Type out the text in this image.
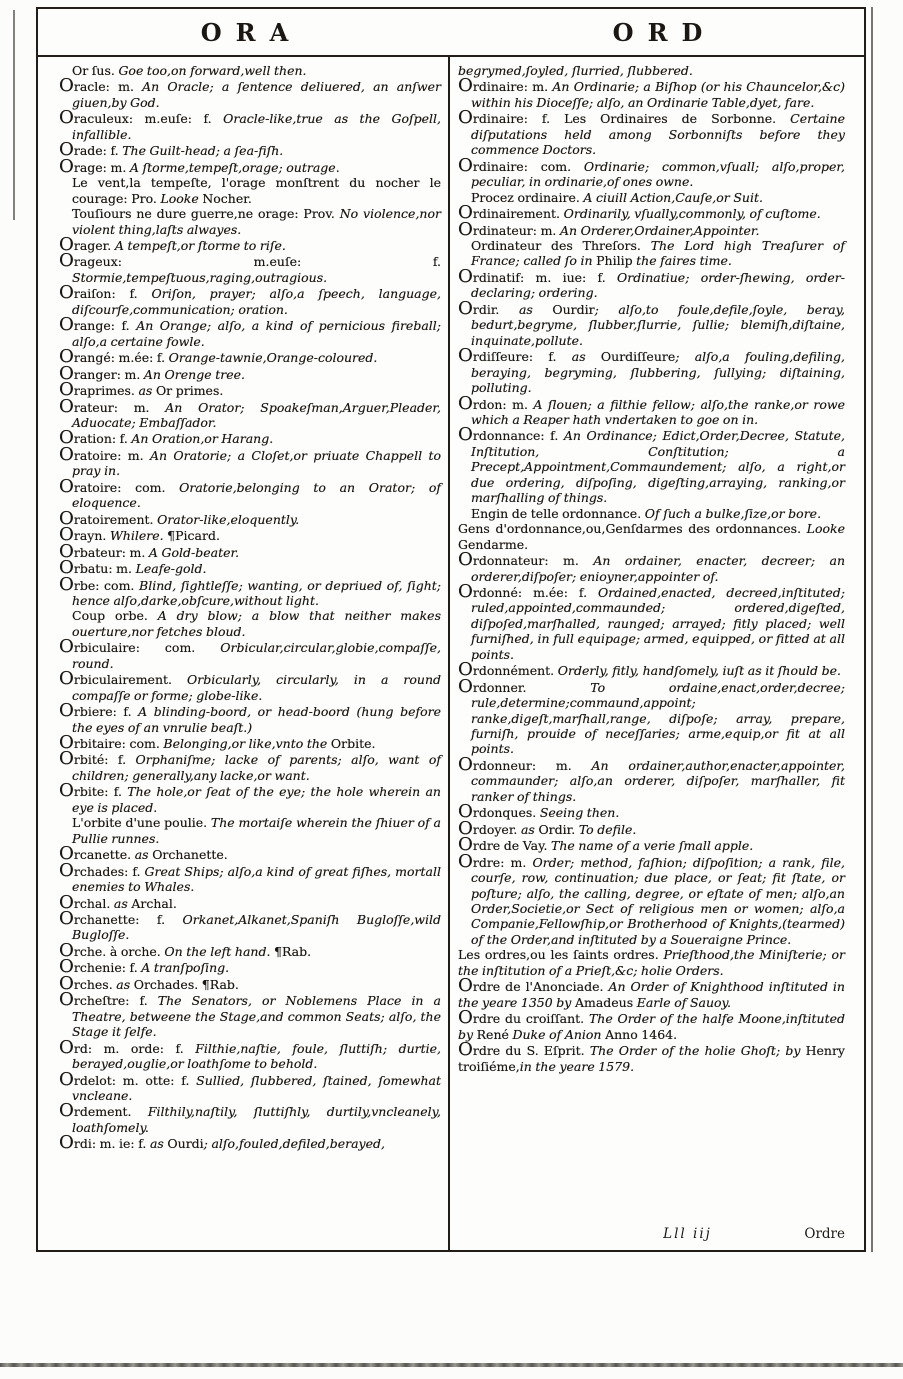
ORA	ORD

Or ſus. Goe too,on forward,well then.

Oracle: m. An Oracle; a ſentence deliuered, an anſwer giuen,by God.

Oraculeux: m.euſe: f. Oracle-like,true as the Goſpell, infallible.

Orade: f. The Guilt-head; a ſea-fiſh.

Orage: m. A ſtorme,tempeſt,orage; outrage.

Le vent,la tempeſte, l'orage monſtrent du nocher le courage: Pro. Looke Nocher.

Touſiours ne dure guerre,ne orage: Prov. No violence,nor violent thing,laſts alwayes.

Orager. A tempeſt,or ſtorme to riſe.

Orageux: m.euſe: f. Stormie,tempeſtuous,raging,outragious.

Oraiſon: f. Oriſon, prayer; alſo,a ſpeech, language, diſcourſe,communication; oration.

Orange: f. An Orange; alſo, a kind of pernicious fireball; alſo,a certaine fowle.

Orangé: m.ée: f. Orange-tawnie,Orange-coloured.

Oranger: m. An Orenge tree.

Oraprimes. as Or primes.

Orateur: m. An Orator; Spoakeſman,Arguer,Pleader, Aduocate; Embaſſador.

Oration: f. An Oration,or Harang.

Oratoire: m. An Oratorie; a Cloſet,or priuate Chappell to pray in.

Oratoire: com. Oratorie,belonging to an Orator; of eloquence.

Oratoirement. Orator-like,eloquently.

Orayn. Whilere. ¶Picard.

Orbateur: m. A Gold-beater.

Orbatu: m. Leafe-gold.

Orbe: com. Blind, ſightleſſe; wanting, or depriued of, ſight; hence alſo,darke,obſcure,without light.

Coup orbe. A dry blow; a blow that neither makes ouerture,nor fetches bloud.

Orbiculaire: com. Orbicular,circular,globie,compaſſe, round.

Orbiculairement. Orbicularly, circularly, in a round compaſſe or forme; globe-like.

Orbiere: f. A blinding-boord, or head-boord (hung before the eyes of an vnrulie beaſt.)

Orbitaire: com. Belonging,or like,vnto the Orbite.

Orbité: f. Orphaniſme; lacke of parents; alſo, want of children; generally,any lacke,or want.

Orbite: f. The hole,or ſeat of the eye; the hole wherein an eye is placed.

L'orbite d'une poulie. The mortaiſe wherein the ſhiuer of a Pullie runnes.

Orcanette. as Orchanette.

Orchades: f. Great Ships; alſo,a kind of great fiſhes, mortall enemies to Whales.

Orchal. as Archal.

Orchanette: f. Orkanet,Alkanet,Spaniſh Bugloſſe,wild Bugloſſe.

Orche. à orche. On the left hand. ¶Rab.

Orchenie: f. A tranſpoſing.

Orches. as Orchades. ¶Rab.

Orcheſtre: f. The Senators, or Noblemens Place in a Theatre, betweene the Stage,and common Seats; alſo, the Stage it ſelfe.

Ord: m. orde: f. Filthie,naſtie, foule, ſluttiſh; durtie, berayed,ouglie,or loathſome to behold.

Ordelot: m. otte: f. Sullied, ſlubbered, ſtained, ſomewhat vncleane.

Ordement. Filthily,naſtily, ſluttiſhly, durtily,vncleanely, loathſomely.

Ordi: m. ie: f. as Ourdi; alſo,fouled,defiled,berayed,

begrymed,ſoyled, ſlurried, ſlubbered.

Ordinaire: m. An Ordinarie; a Biſhop (or his Chauncelor,&c) within his Dioceſſe; alſo, an Ordinarie Table,dyet, fare.

Ordinaire: f. Les Ordinaires de Sorbonne. Certaine diſputations held among Sorbonniſts before they commence Doctors.

Ordinaire: com. Ordinarie; common,vſuall; alſo,proper, peculiar, in ordinarie,of ones owne.

Procez ordinaire. A ciuill Action,Cauſe,or Suit.

Ordinairement. Ordinarily, vſually,commonly, of cuſtome.

Ordinateur: m. An Orderer,Ordainer,Appointer.

Ordinateur des Threſors. The Lord high Treaſurer of France; called ſo in Philip the faires time.

Ordinatif: m. iue: f. Ordinatiue; order-ſhewing, order-declaring; ordering.

Ordir. as Ourdir; alſo,to foule,defile,ſoyle, beray, bedurt,begryme, ſlubber,ſlurrie, ſullie; blemiſh,diſtaine, inquinate,pollute.

Ordiſſeure: f. as Ourdiſſeure; alſo,a fouling,defiling, beraying, begryming, ſlubbering, ſullying; diſtaining, polluting.

Ordon: m. A ſlouen; a filthie fellow; alſo,the ranke,or rowe which a Reaper hath vndertaken to goe on in.

Ordonnance: f. An Ordinance; Edict,Order,Decree, Statute, Inſtitution, Conſtitution; a Precept,Appointment,Commaundement; alſo, a right,or due ordering, diſpoſing, digeſting,arraying, ranking,or marſhalling of things.

Engin de telle ordonnance. Of ſuch a bulke,ſize,or bore.

Gens d'ordonnance,ou,Genſdarmes des ordonnances. Looke Gendarme.

Ordonnateur: m. An ordainer, enacter, decreer; an orderer,diſpoſer; enioyner,appointer of.

Ordonné: m.ée: f. Ordained,enacted, decreed,inſtituted; ruled,appointed,commaunded; ordered,digeſted, diſpoſed,marſhalled, raunged; arrayed; fitly placed; well furniſhed, in full equipage; armed, equipped, or fitted at all points.

Ordonnément. Orderly, fitly, handſomely, iuſt as it ſhould be.

Ordonner. To ordaine,enact,order,decree; rule,determine;commaund,appoint; ranke,digeſt,marſhall,range, diſpoſe; array, prepare, furniſh, prouide of neceſſaries; arme,equip,or fit at all points.

Ordonneur: m. An ordainer,author,enacter,appointer, commaunder; alſo,an orderer, diſpoſer, marſhaller, fit ranker of things.

Ordonques. Seeing then.

Ordoyer. as Ordir. To defile.

Ordre de Vay. The name of a verie ſmall apple.

Ordre: m. Order; method, faſhion; diſpoſition; a rank, file, courſe, row, continuation; due place, or ſeat; fit ſtate, or poſture; alſo, the calling, degree, or eſtate of men; alſo,an Order,Societie,or Sect of religious men or women; alſo,a Companie,Fellowſhip,or Brotherhood of Knights,(tearmed) of the Order,and inſtituted by a Soueraigne Prince.

Les ordres,ou les ſaints ordres. Prieſthood,the Miniſterie; or the inſtitution of a Prieſt,&c; holie Orders.

Ordre de l'Anonciade. An Order of Knighthood inſtituted in the yeare 1350 by Amadeus Earle of Sauoy.

Ordre du croiſſant. The Order of the halfe Moone,inſtituted by René Duke of Anion Anno 1464.

Ordre du S. Eſprit. The Order of the holie Ghoſt; by Henry troiſiéme,in the yeare 1579.

Lll iij	Ordre
